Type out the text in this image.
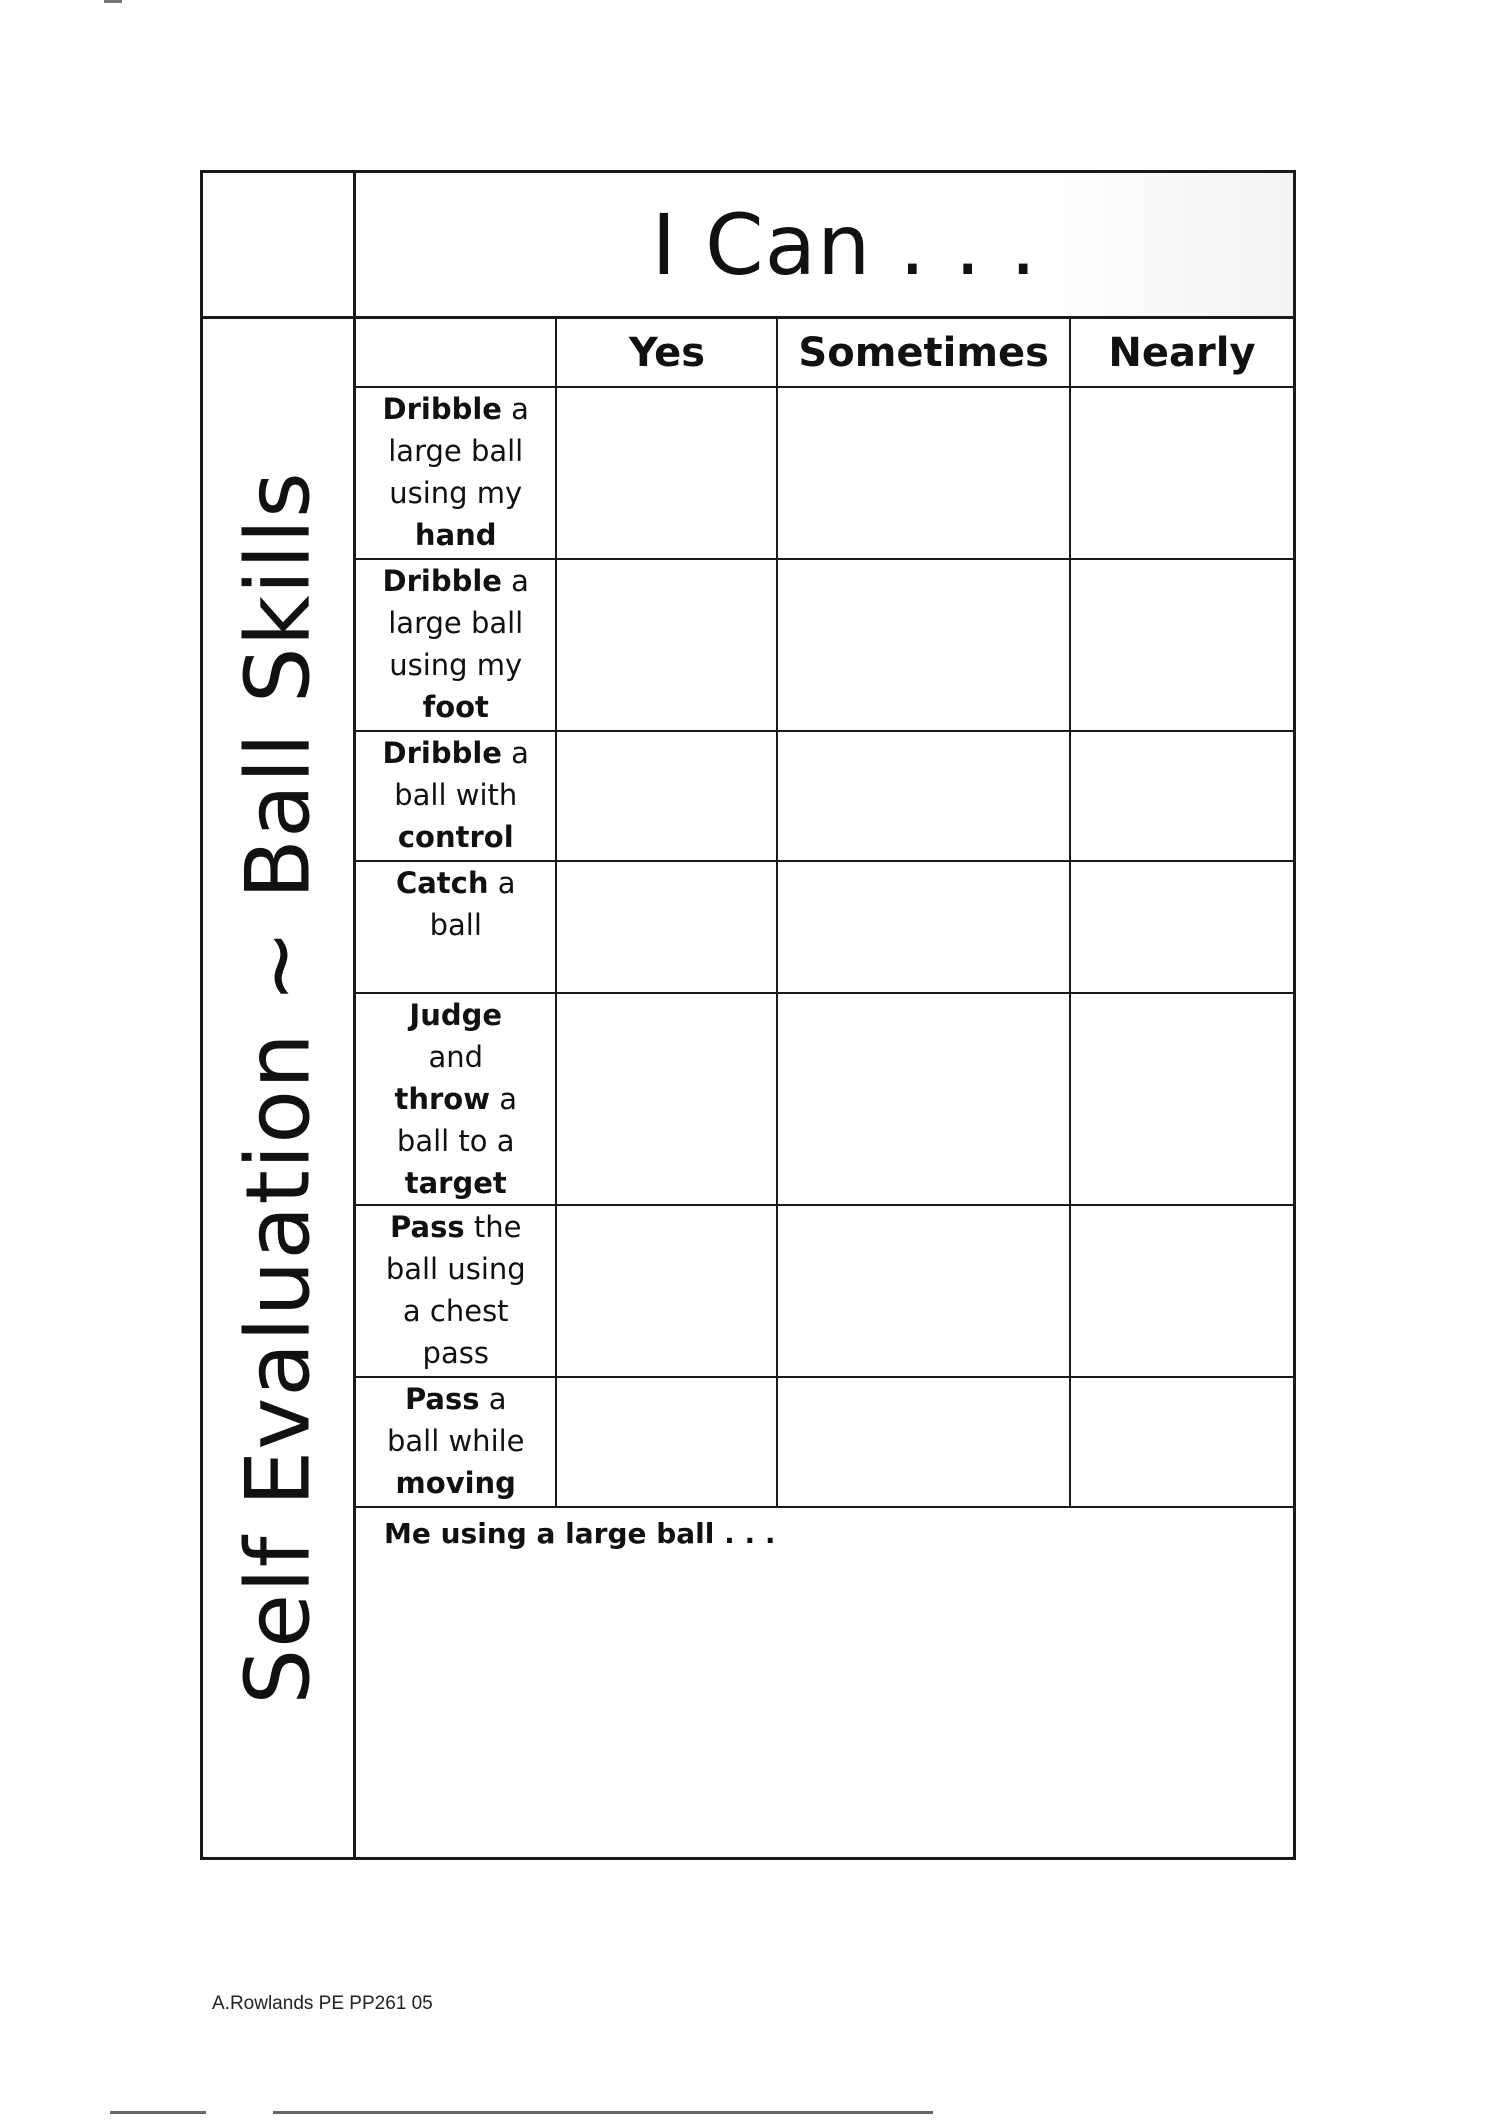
Self Evaluation ~ Ball Skills
I Can . . .
	Yes	Sometimes	Nearly

Dribble a
large ball
using my
hand			

Dribble a
large ball
using my
foot			

Dribble a
ball with
control			

Catch a
ball			

Judge
and
throw a
ball to a
target			

Pass the
ball using
a chest
pass			

Pass a
ball while
moving			

Me using a large ball . . .
A.Rowlands PE PP261 05
